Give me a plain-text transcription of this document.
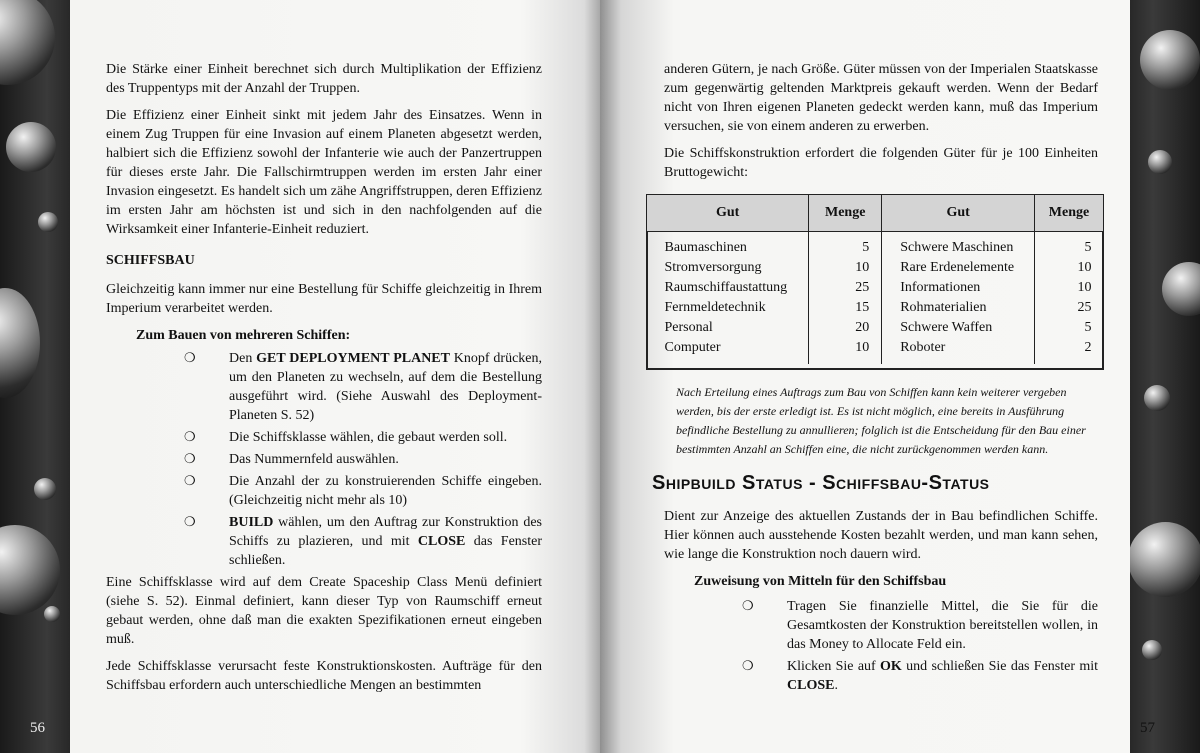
Die Stärke einer Einheit berechnet sich durch Multiplikation der Effizienz des Truppentyps mit der Anzahl der Truppen.

Die Effizienz einer Einheit sinkt mit jedem Jahr des Einsatzes. Wenn in einem Zug Truppen für eine Invasion auf einem Planeten abgesetzt werden, halbiert sich die Effizienz sowohl der Infanterie wie auch der Panzertruppen für dieses erste Jahr. Die Fallschirmtruppen werden im ersten Jahr einer Invasion eingesetzt. Es handelt sich um zähe Angriffstruppen, deren Effizienz im ersten Jahr am höchsten ist und sich in den nachfolgenden auf die Wirksamkeit einer Infanterie-Einheit reduziert.

SCHIFFSBAU

Gleichzeitig kann immer nur eine Bestellung für Schiffe gleichzeitig in Ihrem Imperium verarbeitet werden.

Zum Bauen von mehreren Schiffen:
❍	Den GET DEPLOYMENT PLANET Knopf drücken, um den Planeten zu wechseln, auf dem die Bestellung ausgeführt wird. (Siehe Auswahl des Deployment-Planeten S. 52)
❍	Die Schiffsklasse wählen, die gebaut werden soll.
❍	Das Nummernfeld auswählen.
❍	Die Anzahl der zu konstruierenden Schiffe eingeben. (Gleichzeitig nicht mehr als 10)
❍	BUILD wählen, um den Auftrag zur Konstruktion des Schiffs zu plazieren, und mit CLOSE das Fenster schließen.

Eine Schiffsklasse wird auf dem Create Spaceship Class Menü definiert (siehe S. 52). Einmal definiert, kann dieser Typ von Raumschiff erneut gebaut werden, ohne daß man die exakten Spezifikationen erneut eingeben muß.

Jede Schiffsklasse verursacht feste Konstruktionskosten. Aufträge für den Schiffsbau erfordern auch unterschiedliche Mengen an bestimmten

56

anderen Gütern, je nach Größe. Güter müssen von der Imperialen Staatskasse zum gegenwärtig geltenden Marktpreis gekauft werden. Wenn der Bedarf nicht von Ihren eigenen Planeten gedeckt werden kann, muß das Imperium versuchen, sie von einem anderen zu erwerben.

Die Schiffskonstruktion erfordert die folgenden Güter für je 100 Einheiten Bruttogewicht:

Gut	Menge	Gut	Menge
Baumaschinen	5	Schwere Maschinen	5
Stromversorgung	10	Rare Erdenelemente	10
Raumschiffaustattung	25	Informationen	10
Fernmeldetechnik	15	Rohmaterialien	25
Personal	20	Schwere Waffen	5
Computer	10	Roboter	2
Nach Erteilung eines Auftrags zum Bau von Schiffen kann kein weiterer vergeben werden, bis der erste erledigt ist. Es ist nicht möglich, eine bereits in Ausführung befindliche Bestellung zu annullieren; folglich ist die Entscheidung für den Bau einer bestimmten Anzahl an Schiffen eine, die nicht zurückgenommen werden kann.
Shipbuild Status - Schiffsbau-Status

Dient zur Anzeige des aktuellen Zustands der in Bau befindlichen Schiffe. Hier können auch ausstehende Kosten bezahlt werden, und man kann sehen, wie lange die Konstruktion noch dauern wird.

Zuweisung von Mitteln für den Schiffsbau
❍	Tragen Sie finanzielle Mittel, die Sie für die Gesamtkosten der Konstruktion bereitstellen wollen, in das Money to Allocate Feld ein.
❍	Klicken Sie auf OK und schließen Sie das Fenster mit CLOSE.
57
